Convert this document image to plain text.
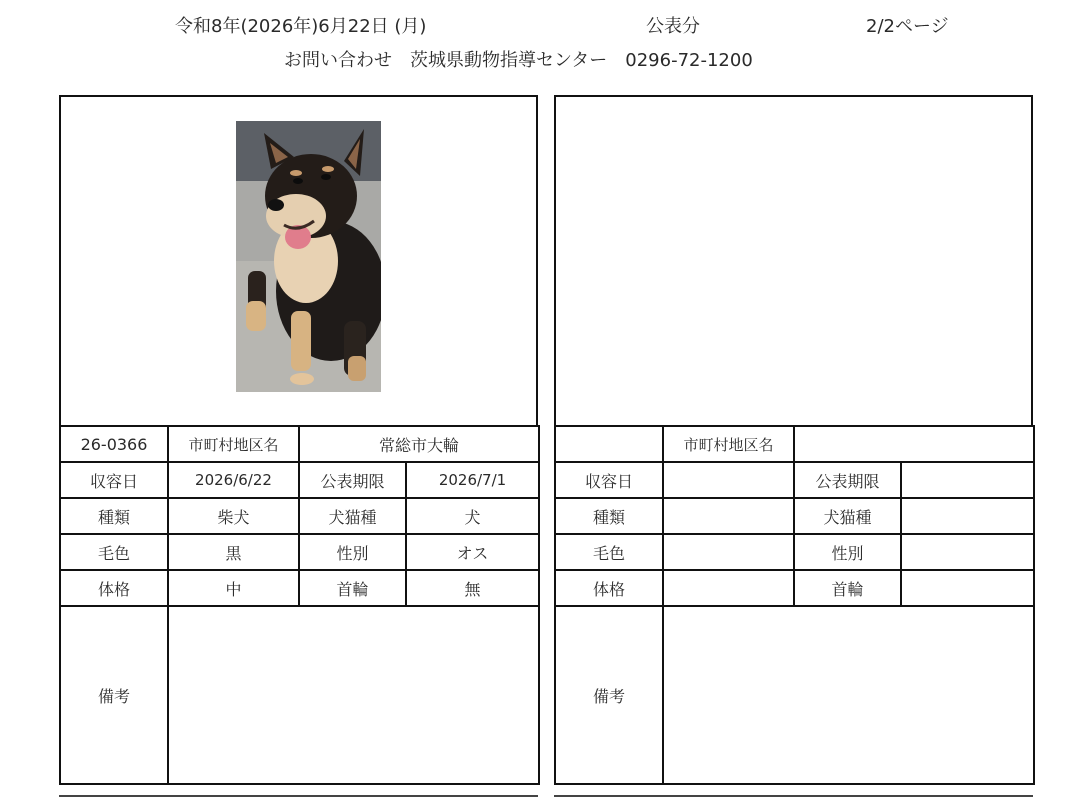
令和8年(2026年)6月22日 (月)	公表分	2/2ページ
お問い合わせ　茨城県動物指導センター　0296-72-1200
26-0366	市町村地区名	常総市大輪	
収容日	2026/6/22	公表期限	2026/7/1
種類	柴犬	犬猫種	犬
毛色	黒	性別	オス
体格	中	首輪	無
備考			
	市町村地区名		
収容日		公表期限	
種類		犬猫種	
毛色		性別	
体格		首輪	
備考			
